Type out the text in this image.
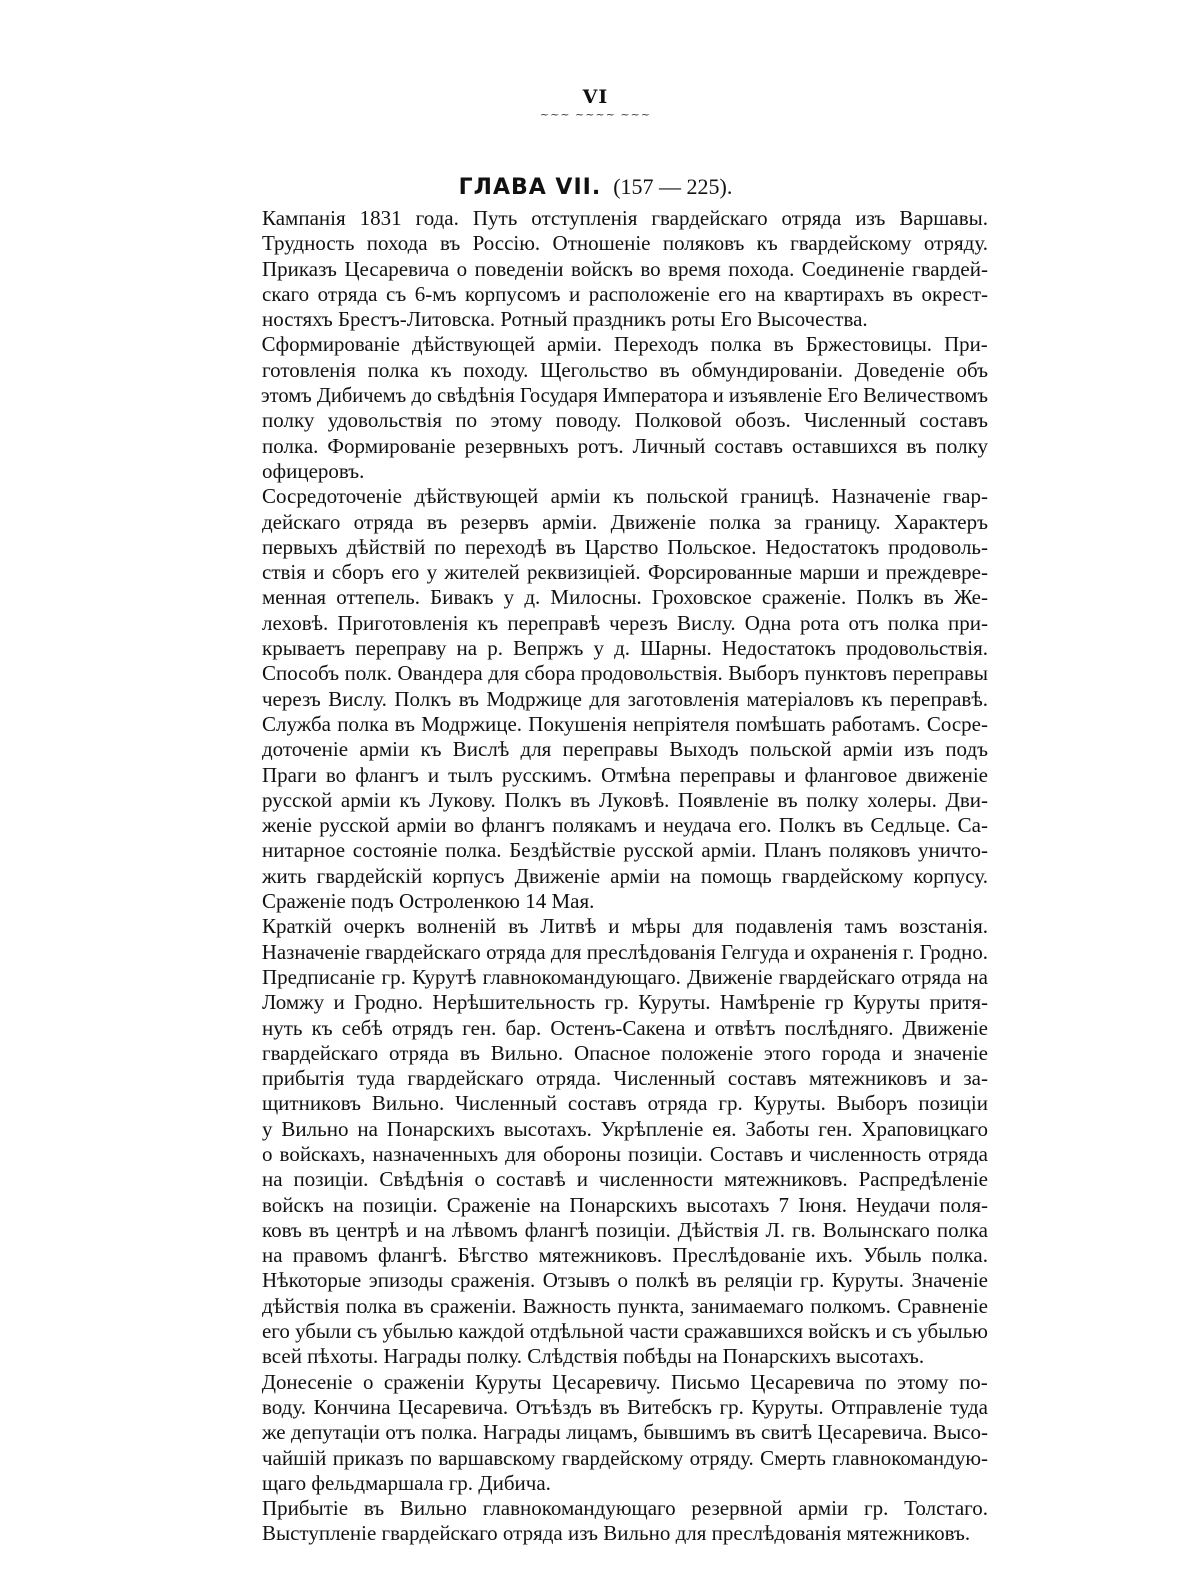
VI
~~~ ~~~~ ~~~
ГЛАВА VII. (157 — 225).
Кампанія 1831 года. Путь отступленія гвардейскаго отряда изъ Варшавы.
Трудность похода въ Россію. Отношеніе поляковъ къ гвардейскому отряду.
Приказъ Цесаревича о поведеніи войскъ во время похода. Соединеніе гвардей-
скаго отряда съ 6-мъ корпусомъ и расположеніе его на квартирахъ въ окрест-
ностяхъ Брестъ-Литовска. Ротный праздникъ роты Его Высочества.
Сформированіе дѣйствующей арміи. Переходъ полка въ Бржестовицы. При-
готовленія полка къ походу. Щегольство въ обмундированіи. Доведеніе объ
этомъ Дибичемъ до свѣдѣнія Государя Императора и изъявленіе Его Величествомъ
полку удовольствія по этому поводу. Полковой обозъ. Численный составъ
полка. Формированіе резервныхъ ротъ. Личный составъ оставшихся въ полку
офицеровъ.
Сосредоточеніе дѣйствующей арміи къ польской границѣ. Назначеніе гвар-
дейскаго отряда въ резервъ арміи. Движеніе полка за границу. Характеръ
первыхъ дѣйствій по переходѣ въ Царство Польское. Недостатокъ продоволь-
ствія и сборъ его у жителей реквизиціей. Форсированные марши и преждевре-
менная оттепель. Бивакъ у д. Милосны. Гроховское сраженіе. Полкъ въ Же-
леховѣ. Приготовленія къ переправѣ черезъ Вислу. Одна рота отъ полка при-
крываетъ переправу на р. Вепржъ у д. Шарны. Недостатокъ продовольствія.
Способъ полк. Овандера для сбора продовольствія. Выборъ пунктовъ переправы
черезъ Вислу. Полкъ въ Модржице для заготовленія матеріаловъ къ переправѣ.
Служба полка въ Модржице. Покушенія непріятеля помѣшать работамъ. Сосре-
доточеніе арміи къ Вислѣ для переправы Выходъ польской арміи изъ подъ
Праги во флангъ и тылъ русскимъ. Отмѣна переправы и фланговое движеніе
русской арміи къ Лукову. Полкъ въ Луковѣ. Появленіе въ полку холеры. Дви-
женіе русской арміи во флангъ полякамъ и неудача его. Полкъ въ Седльце. Са-
нитарное состояніе полка. Бездѣйствіе русской арміи. Планъ поляковъ уничто-
жить гвардейскій корпусъ Движеніе арміи на помощь гвардейскому корпусу.
Сраженіе подъ Остроленкою 14 Мая.
Краткій очеркъ волненій въ Литвѣ и мѣры для подавленія тамъ возстанія.
Назначеніе гвардейскаго отряда для преслѣдованія Гелгуда и охраненія г. Гродно.
Предписаніе гр. Курутѣ главнокомандующаго. Движеніе гвардейскаго отряда на
Ломжу и Гродно. Нерѣшительность гр. Куруты. Намѣреніе гр Куруты притя-
нуть къ себѣ отрядъ ген. бар. Остенъ-Сакена и отвѣтъ послѣдняго. Движеніе
гвардейскаго отряда въ Вильно. Опасное положеніе этого города и значеніе
прибытія туда гвардейскаго отряда. Численный составъ мятежниковъ и за-
щитниковъ Вильно. Численный составъ отряда гр. Куруты. Выборъ позиціи
у Вильно на Понарскихъ высотахъ. Укрѣпленіе ея. Заботы ген. Храповицкаго
о войскахъ, назначенныхъ для обороны позиціи. Составъ и численность отряда
на позиціи. Свѣдѣнія о составѣ и численности мятежниковъ. Распредѣленіе
войскъ на позиціи. Сраженіе на Понарскихъ высотахъ 7 Іюня. Неудачи поля-
ковъ въ центрѣ и на лѣвомъ флангѣ позиціи. Дѣйствія Л. гв. Волынскаго полка
на правомъ флангѣ. Бѣгство мятежниковъ. Преслѣдованіе ихъ. Убыль полка.
Нѣкоторые эпизоды сраженія. Отзывъ о полкѣ въ реляціи гр. Куруты. Значеніе
дѣйствія полка въ сраженіи. Важность пункта, занимаемаго полкомъ. Сравненіе
его убыли съ убылью каждой отдѣльной части сражавшихся войскъ и съ убылью
всей пѣхоты. Награды полку. Слѣдствія побѣды на Понарскихъ высотахъ.
Донесеніе о сраженіи Куруты Цесаревичу. Письмо Цесаревича по этому по-
воду. Кончина Цесаревича. Отъѣздъ въ Витебскъ гр. Куруты. Отправленіе туда
же депутаціи отъ полка. Награды лицамъ, бывшимъ въ свитѣ Цесаревича. Высо-
чайшій приказъ по варшавскому гвардейскому отряду. Смерть главнокомандую-
щаго фельдмаршала гр. Дибича.
Прибытіе въ Вильно главнокомандующаго резервной арміи гр. Толстаго.
Выступленіе гвардейскаго отряда изъ Вильно для преслѣдованія мятежниковъ.
